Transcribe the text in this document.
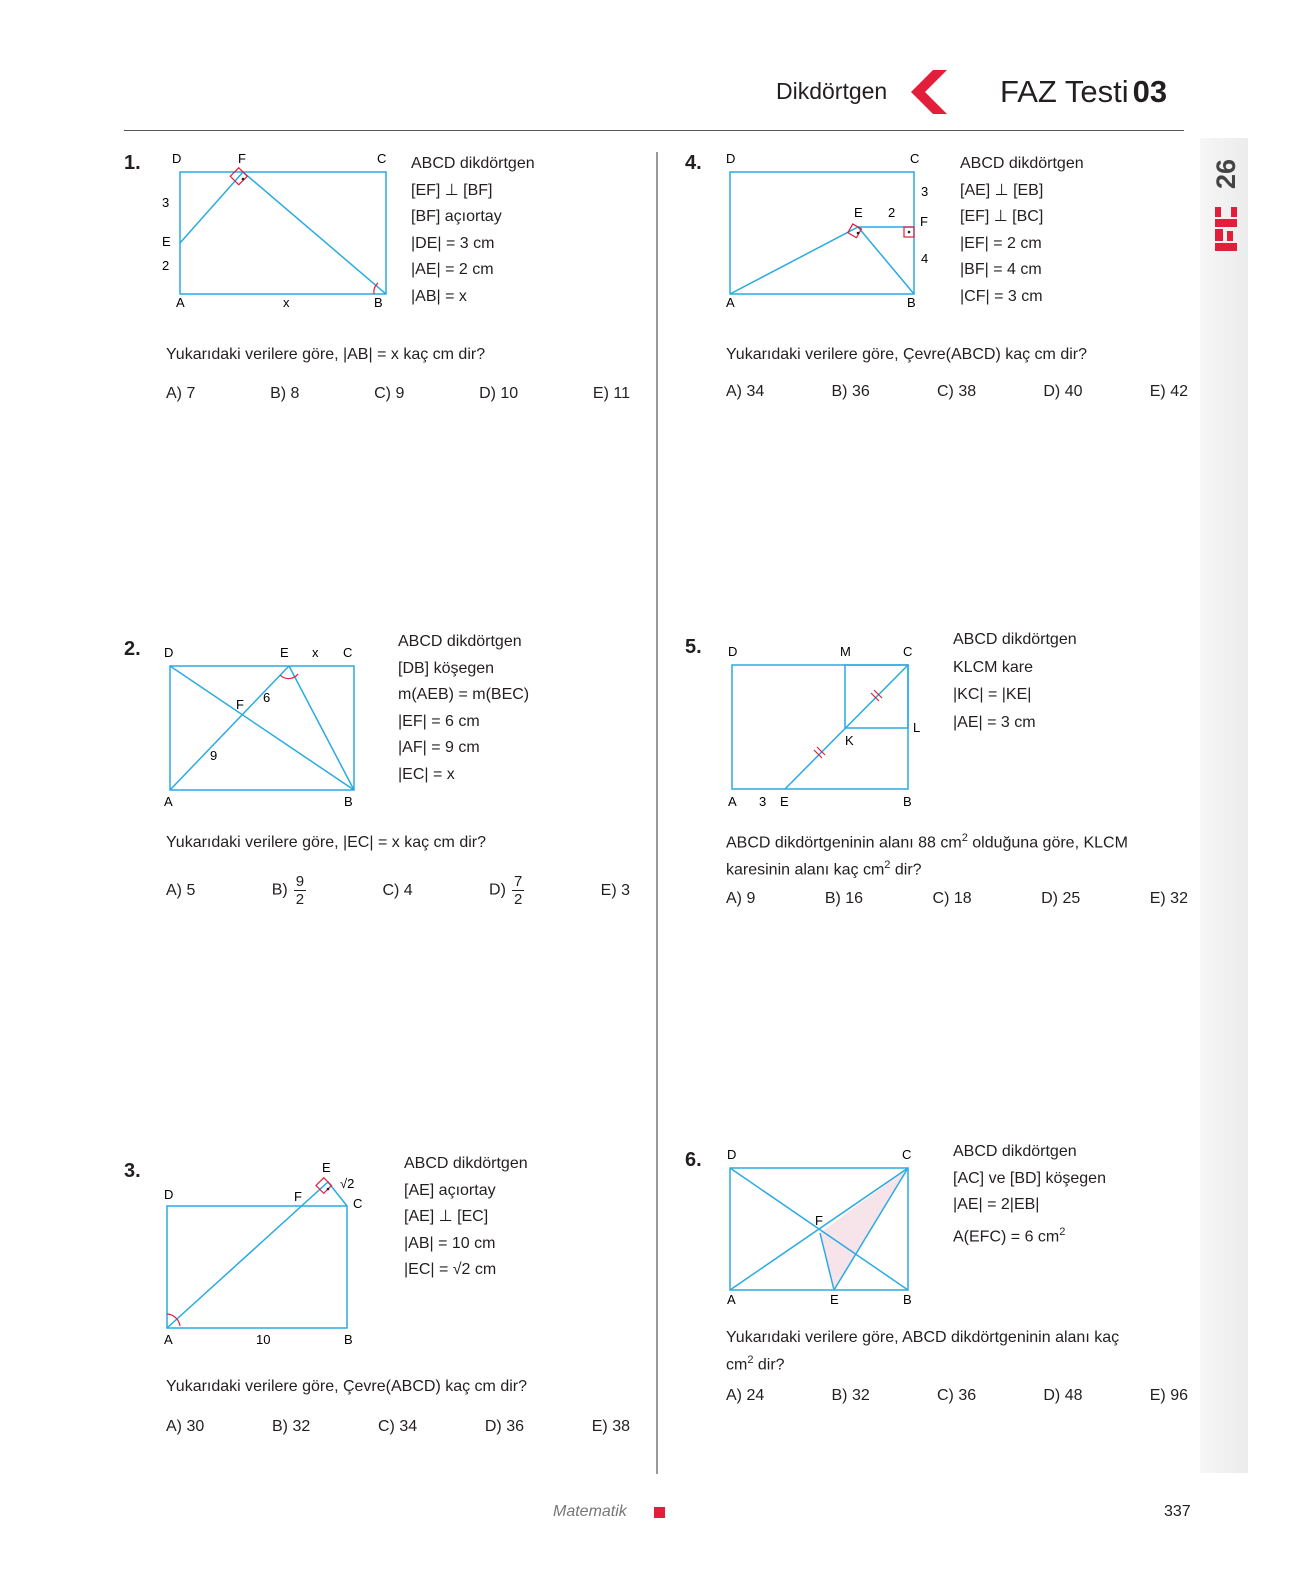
Dikdörtgen	FAZ Testi 03
26
1. D	F	C
3
E
2
A	x	B
ABCD dikdörtgen
[EF] ⊥ [BF]
[BF] açıortay
|DE| = 3 cm
|AE| = 2 cm
|AB| = x
Yukarıdaki verilere göre, |AB| = x kaç cm dir?
A) 7	B) 8	C) 9	D) 10	E) 11
2. D	E x C
F 6
9
A	B
ABCD dikdörtgen
[DB] köşegen
m(AEB) = m(BEC)
|EF| = 6 cm
|AF| = 9 cm
|EC| = x
Yukarıdaki verilere göre, |EC| = x kaç cm dir?
A) 5	$B) \frac{9}{2}$	C) 4	$D) \frac{7}{2}$	E) 3
3.	E
√2
D	F	C
A	10	B
ABCD dikdörtgen
[AE] açıortay
[AE] ⊥ [EC]
|AB| = 10 cm
|EC| = √2 cm
Yukarıdaki verilere göre, Çevre(ABCD) kaç cm dir?
A) 30	B) 32	C) 34	D) 36	E) 38
4. D	C
3
E 2
F
4
A	B
ABCD dikdörtgen
[AE] ⊥ [EB]
[EF] ⊥ [BC]
|EF| = 2 cm
|BF| = 4 cm
|CF| = 3 cm
Yukarıdaki verilere göre, Çevre(ABCD) kaç cm dir?
A) 34	B) 36	C) 38	D) 40	E) 42
5. D	M	C
L
K
A 3 E	B
ABCD dikdörtgen
KLCM kare
|KC| = |KE|
|AE| = 3 cm
ABCD dikdörtgeninin alanı 88 $cm^2$ olduğuna göre, KLCM
karesinin alanı kaç $cm^2$ dir?
A) 9	B) 16	C) 18	D) 25	E) 32
6. D	C
F
A	E	B
ABCD dikdörtgen
[AC] ve [BD] köşegen
|AE| = 2|EB|
A(EFC) = 6 $cm^2$
Yukarıdaki verilere göre, ABCD dikdörtgeninin alanı kaç
$cm^2$ dir?
A) 24	B) 32	C) 36	D) 48	E) 96
Matematik	337
